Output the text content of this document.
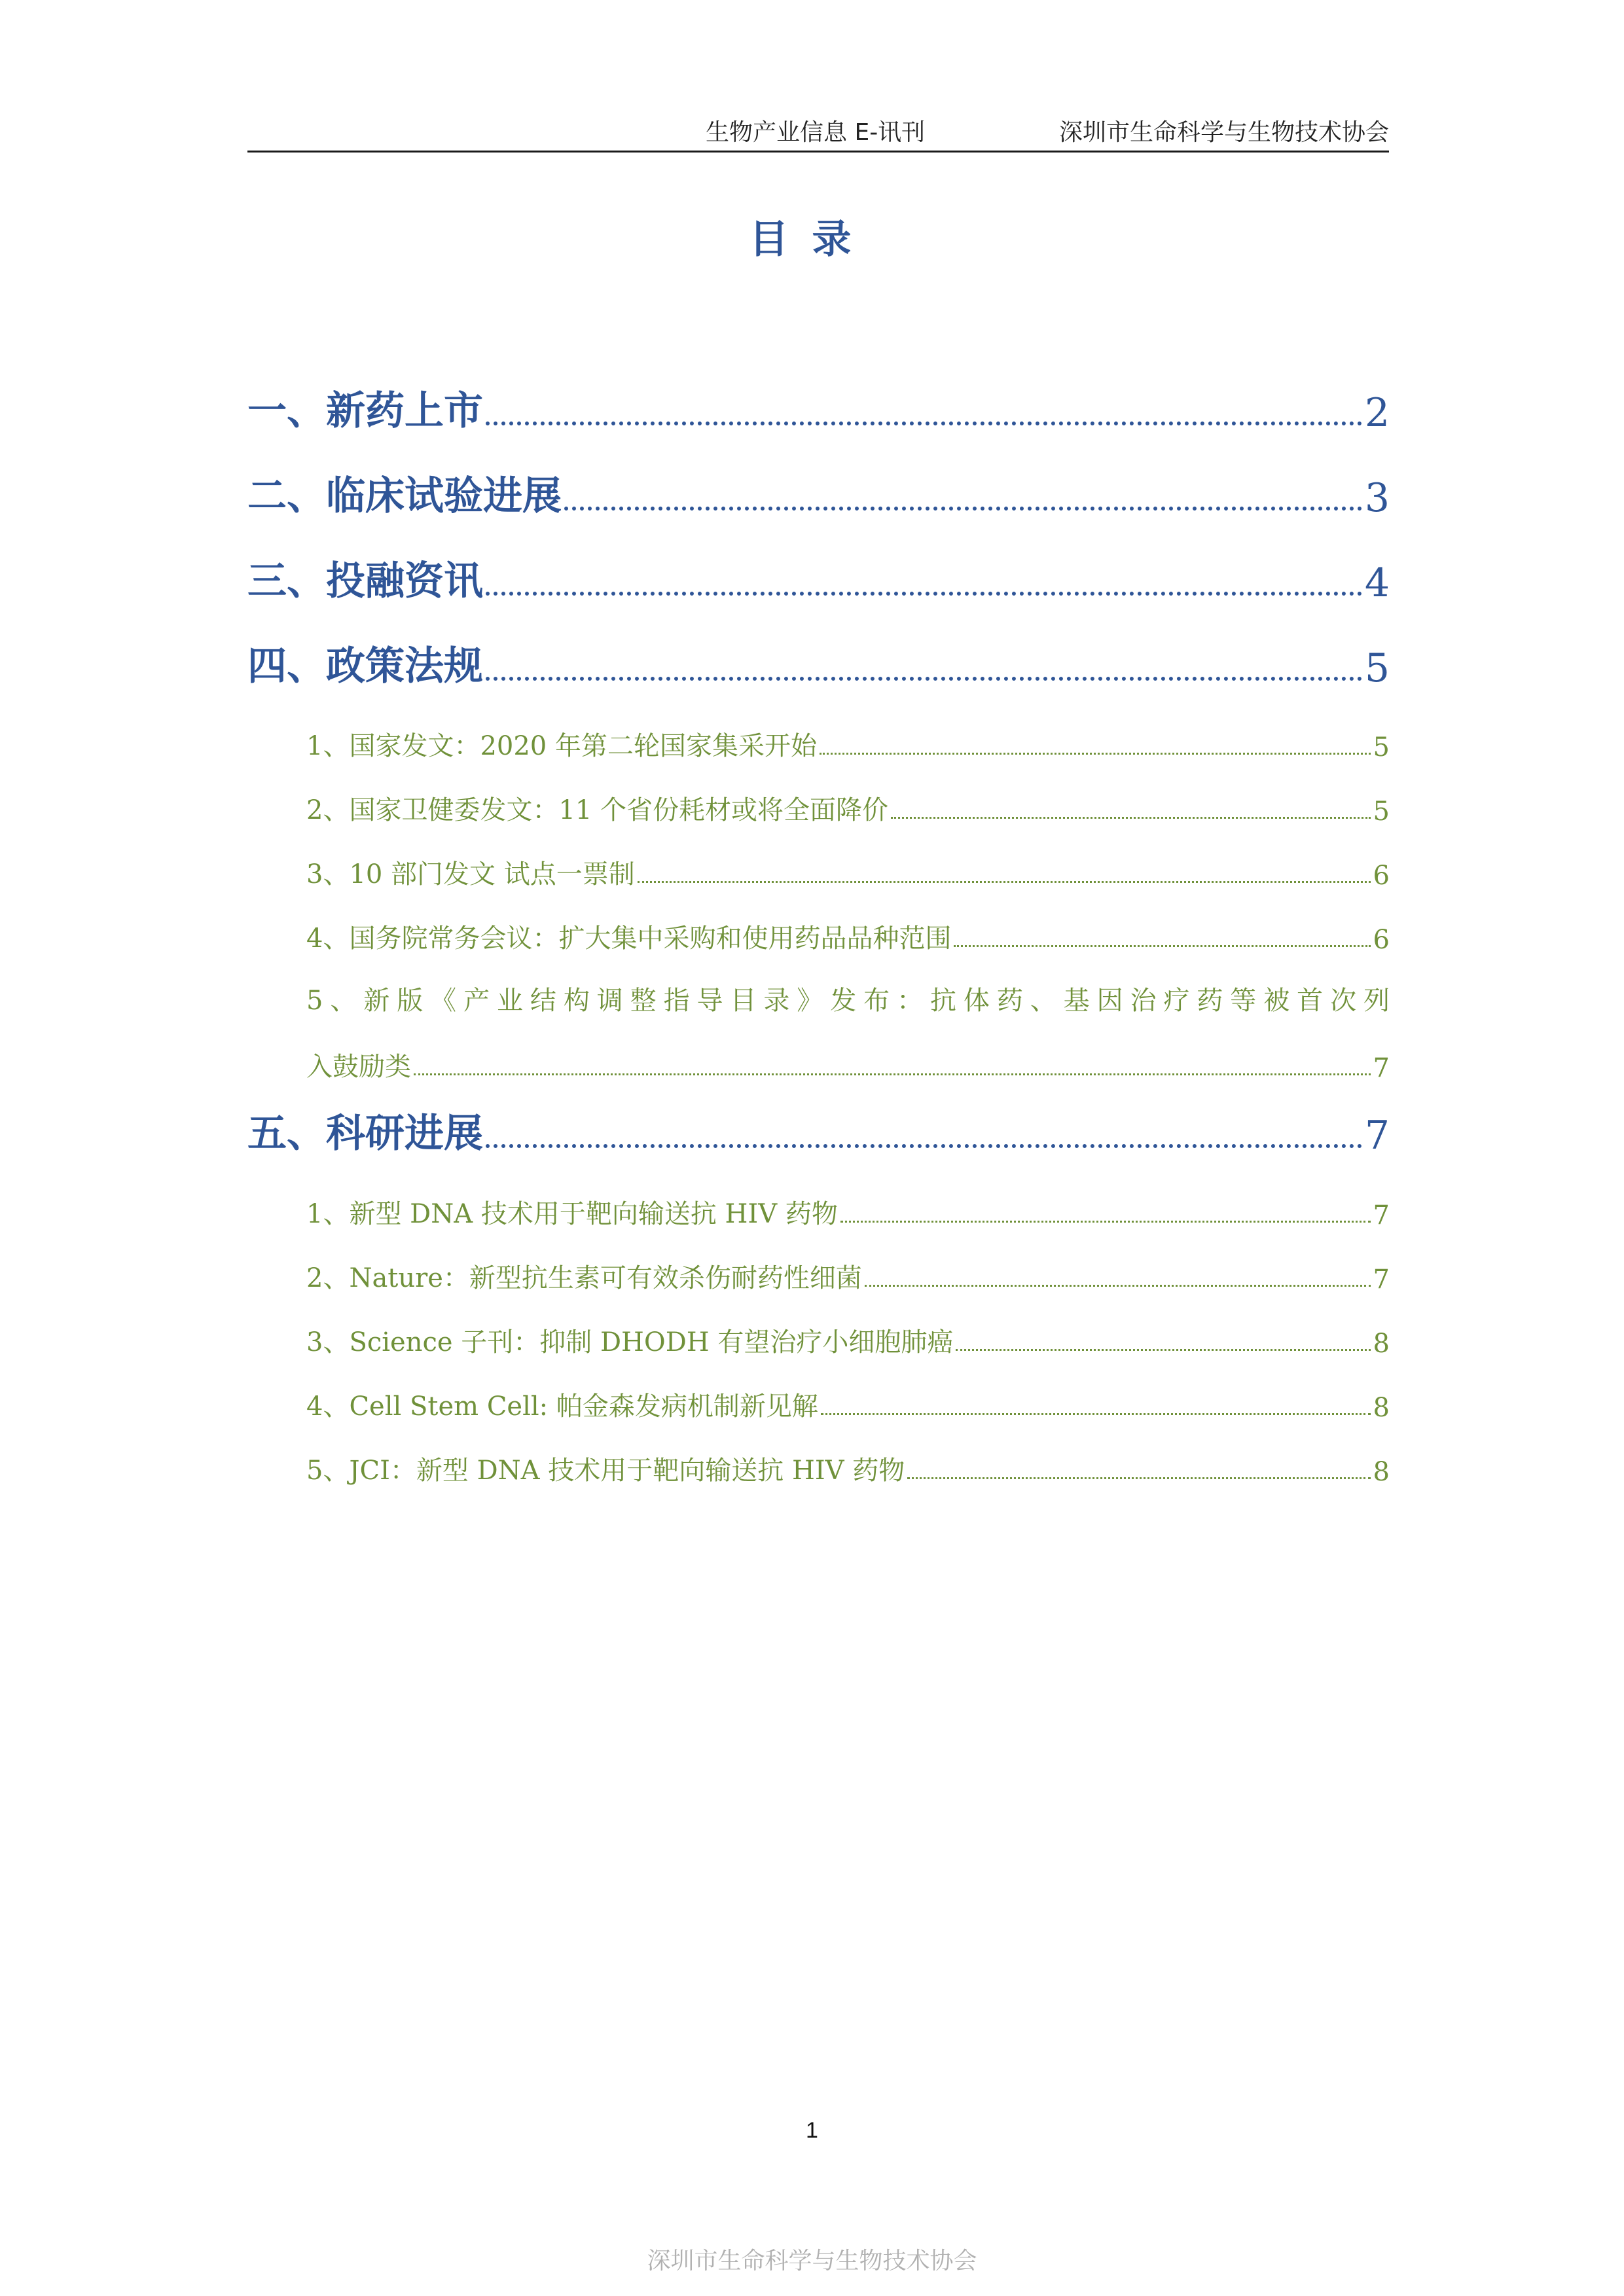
生物产业信息 E-讯刊	深圳市生命科学与生物技术协会
目录
一、新药上市	2
二、临床试验进展	3
三、投融资讯	4
四、政策法规	5
1、国家发文：2020 年第二轮国家集采开始	5
2、国家卫健委发文：11 个省份耗材或将全面降价	5
3、10 部门发文 试点一票制	6
4、国务院常务会议：扩大集中采购和使用药品品种范围	6
5、新版《产业结构调整指导目录》发布：抗体药、基因治疗药等被首次列
入鼓励类	7
五、科研进展	7
1、新型 DNA 技术用于靶向输送抗 HIV 药物	7
2、Nature：新型抗生素可有效杀伤耐药性细菌	7
3、Science 子刊：抑制 DHODH 有望治疗小细胞肺癌	8
4、Cell Stem Cell: 帕金森发病机制新见解	8
5、JCI：新型 DNA 技术用于靶向输送抗 HIV 药物	8
1
深圳市生命科学与生物技术协会
